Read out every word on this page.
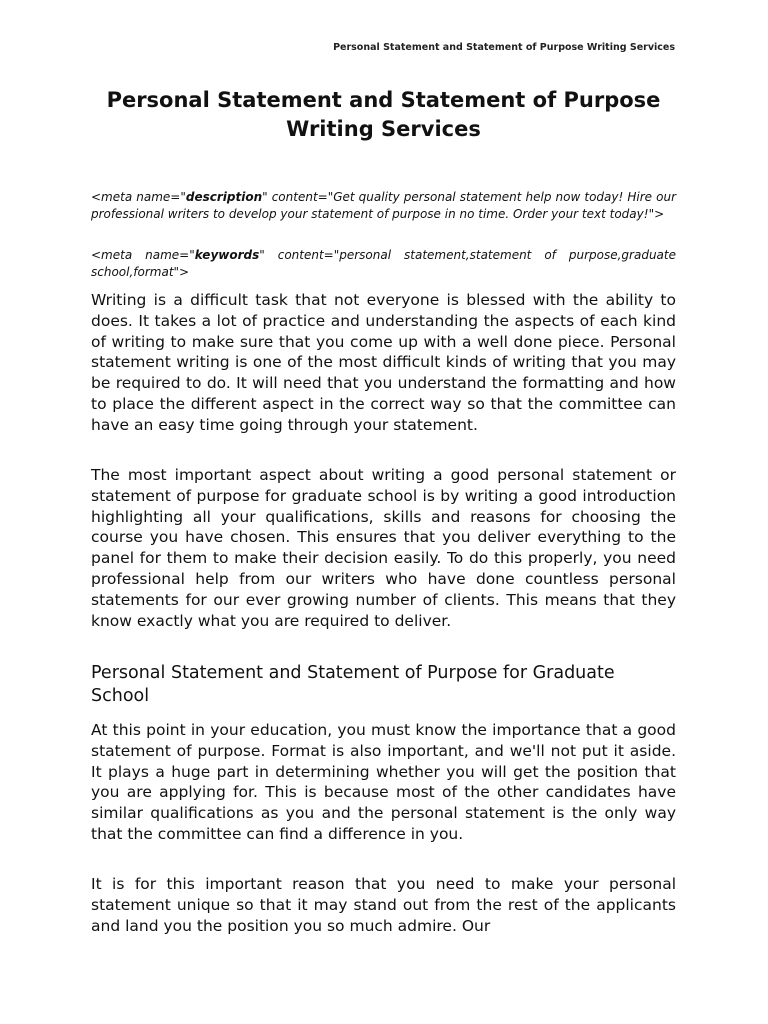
Personal Statement and Statement of Purpose Writing Services
Personal Statement and Statement of Purpose Writing Services

<meta name="description" content="Get quality personal statement help now today! Hire our professional writers to develop your statement of purpose in no time. Order your text today!">

<meta name="keywords" content="personal statement,statement of purpose,graduate school,format">

Writing is a difficult task that not everyone is blessed with the ability to does. It takes a lot of practice and understanding the aspects of each kind of writing to make sure that you come up with a well done piece. Personal statement writing is one of the most difficult kinds of writing that you may be required to do. It will need that you understand the formatting and how to place the different aspect in the correct way so that the committee can have an easy time going through your statement.

The most important aspect about writing a good personal statement or statement of purpose for graduate school is by writing a good introduction highlighting all your qualifications, skills and reasons for choosing the course you have chosen. This ensures that you deliver everything to the panel for them to make their decision easily. To do this properly, you need professional help from our writers who have done countless personal statements for our ever growing number of clients. This means that they know exactly what you are required to deliver.

Personal Statement and Statement of Purpose for Graduate School

At this point in your education, you must know the importance that a good statement of purpose. Format is also important, and we'll not put it aside. It plays a huge part in determining whether you will get the position that you are applying for. This is because most of the other candidates have similar qualifications as you and the personal statement is the only way that the committee can find a difference in you.

It is for this important reason that you need to make your personal statement unique so that it may stand out from the rest of the applicants and land you the position you so much admire. Our
